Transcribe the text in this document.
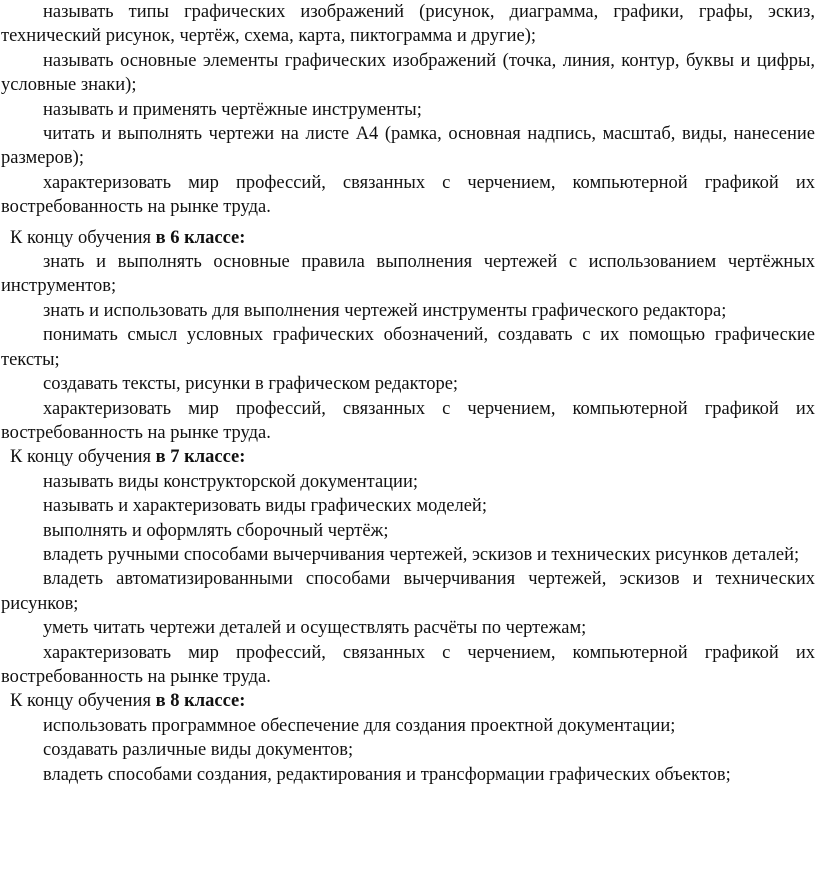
называть типы графических изображений (рисунок, диаграмма, графики, графы, эскиз, технический рисунок, чертёж, схема, карта, пиктограмма и другие);

называть основные элементы графических изображений (точка, линия, контур, буквы и цифры, условные знаки);

называть и применять чертёжные инструменты;

читать и выполнять чертежи на листе А4 (рамка, основная надпись, масштаб, виды, нанесение размеров);

характеризовать мир профессий, связанных с черчением, компьютерной графикой их востребованность на рынке труда.

К концу обучения в 6 классе:

знать и выполнять основные правила выполнения чертежей с использованием чертёжных инструментов;

знать и использовать для выполнения чертежей инструменты графического редактора;

понимать смысл условных графических обозначений, создавать с их помощью графические тексты;

создавать тексты, рисунки в графическом редакторе;

характеризовать мир профессий, связанных с черчением, компьютерной графикой их востребованность на рынке труда.

К концу обучения в 7 классе:

называть виды конструкторской документации;

называть и характеризовать виды графических моделей;

выполнять и оформлять сборочный чертёж;

владеть ручными способами вычерчивания чертежей, эскизов и технических рисунков деталей;

владеть автоматизированными способами вычерчивания чертежей, эскизов и технических рисунков;

уметь читать чертежи деталей и осуществлять расчёты по чертежам;

характеризовать мир профессий, связанных с черчением, компьютерной графикой их востребованность на рынке труда.

К концу обучения в 8 классе:

использовать программное обеспечение для создания проектной документации;

создавать различные виды документов;

владеть способами создания, редактирования и трансформации графических объектов;
